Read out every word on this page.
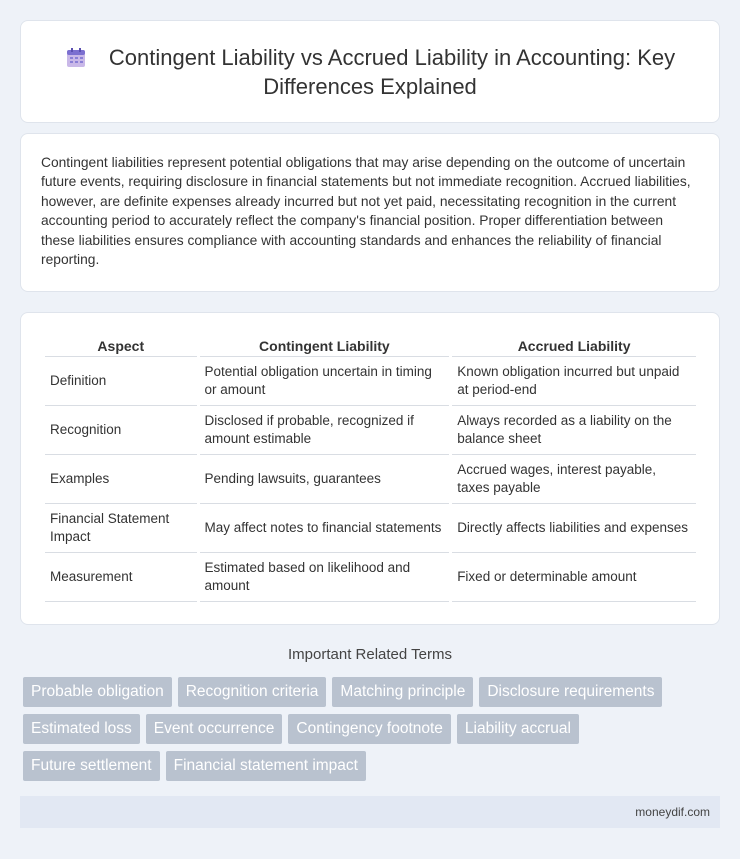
Contingent Liability vs Accrued Liability in Accounting: Key Differences Explained

Contingent liabilities represent potential obligations that may arise depending on the outcome of uncertain future events, requiring disclosure in financial statements but not immediate recognition. Accrued liabilities, however, are definite expenses already incurred but not yet paid, necessitating recognition in the current accounting period to accurately reflect the company's financial position. Proper differentiation between these liabilities ensures compliance with accounting standards and enhances the reliability of financial reporting.

Aspect	Contingent Liability	Accrued Liability
Definition	Potential obligation uncertain in timing or amount	Known obligation incurred but unpaid at period-end
Recognition	Disclosed if probable, recognized if amount estimable	Always recorded as a liability on the balance sheet
Examples	Pending lawsuits, guarantees	Accrued wages, interest payable, taxes payable
Financial Statement Impact	May affect notes to financial statements	Directly affects liabilities and expenses
Measurement	Estimated based on likelihood and amount	Fixed or determinable amount
Important Related Terms
Probable obligation	Recognition criteria	Matching principle	Disclosure requirements
Estimated loss	Event occurrence	Contingency footnote	Liability accrual
Future settlement	Financial statement impact
moneydif.com
